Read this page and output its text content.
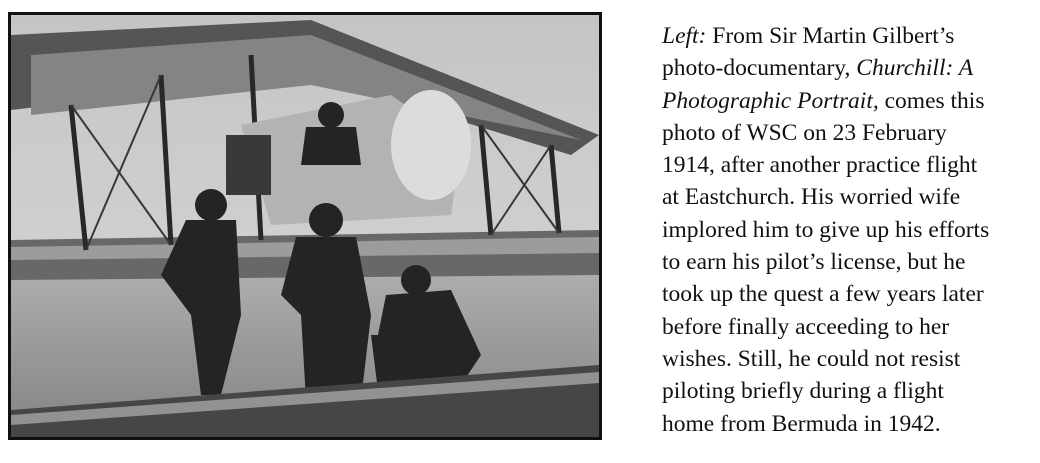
Left: From Sir Martin Gilbert’s
photo-documentary, Churchill: A
Photographic Portrait, comes this
photo of WSC on 23 February
1914, after another practice flight
at Eastchurch. His worried wife
implored him to give up his efforts
to earn his pilot’s license, but he
took up the quest a few years later
before finally acceeding to her
wishes. Still, he could not resist
piloting briefly during a flight
home from Bermuda in 1942.
